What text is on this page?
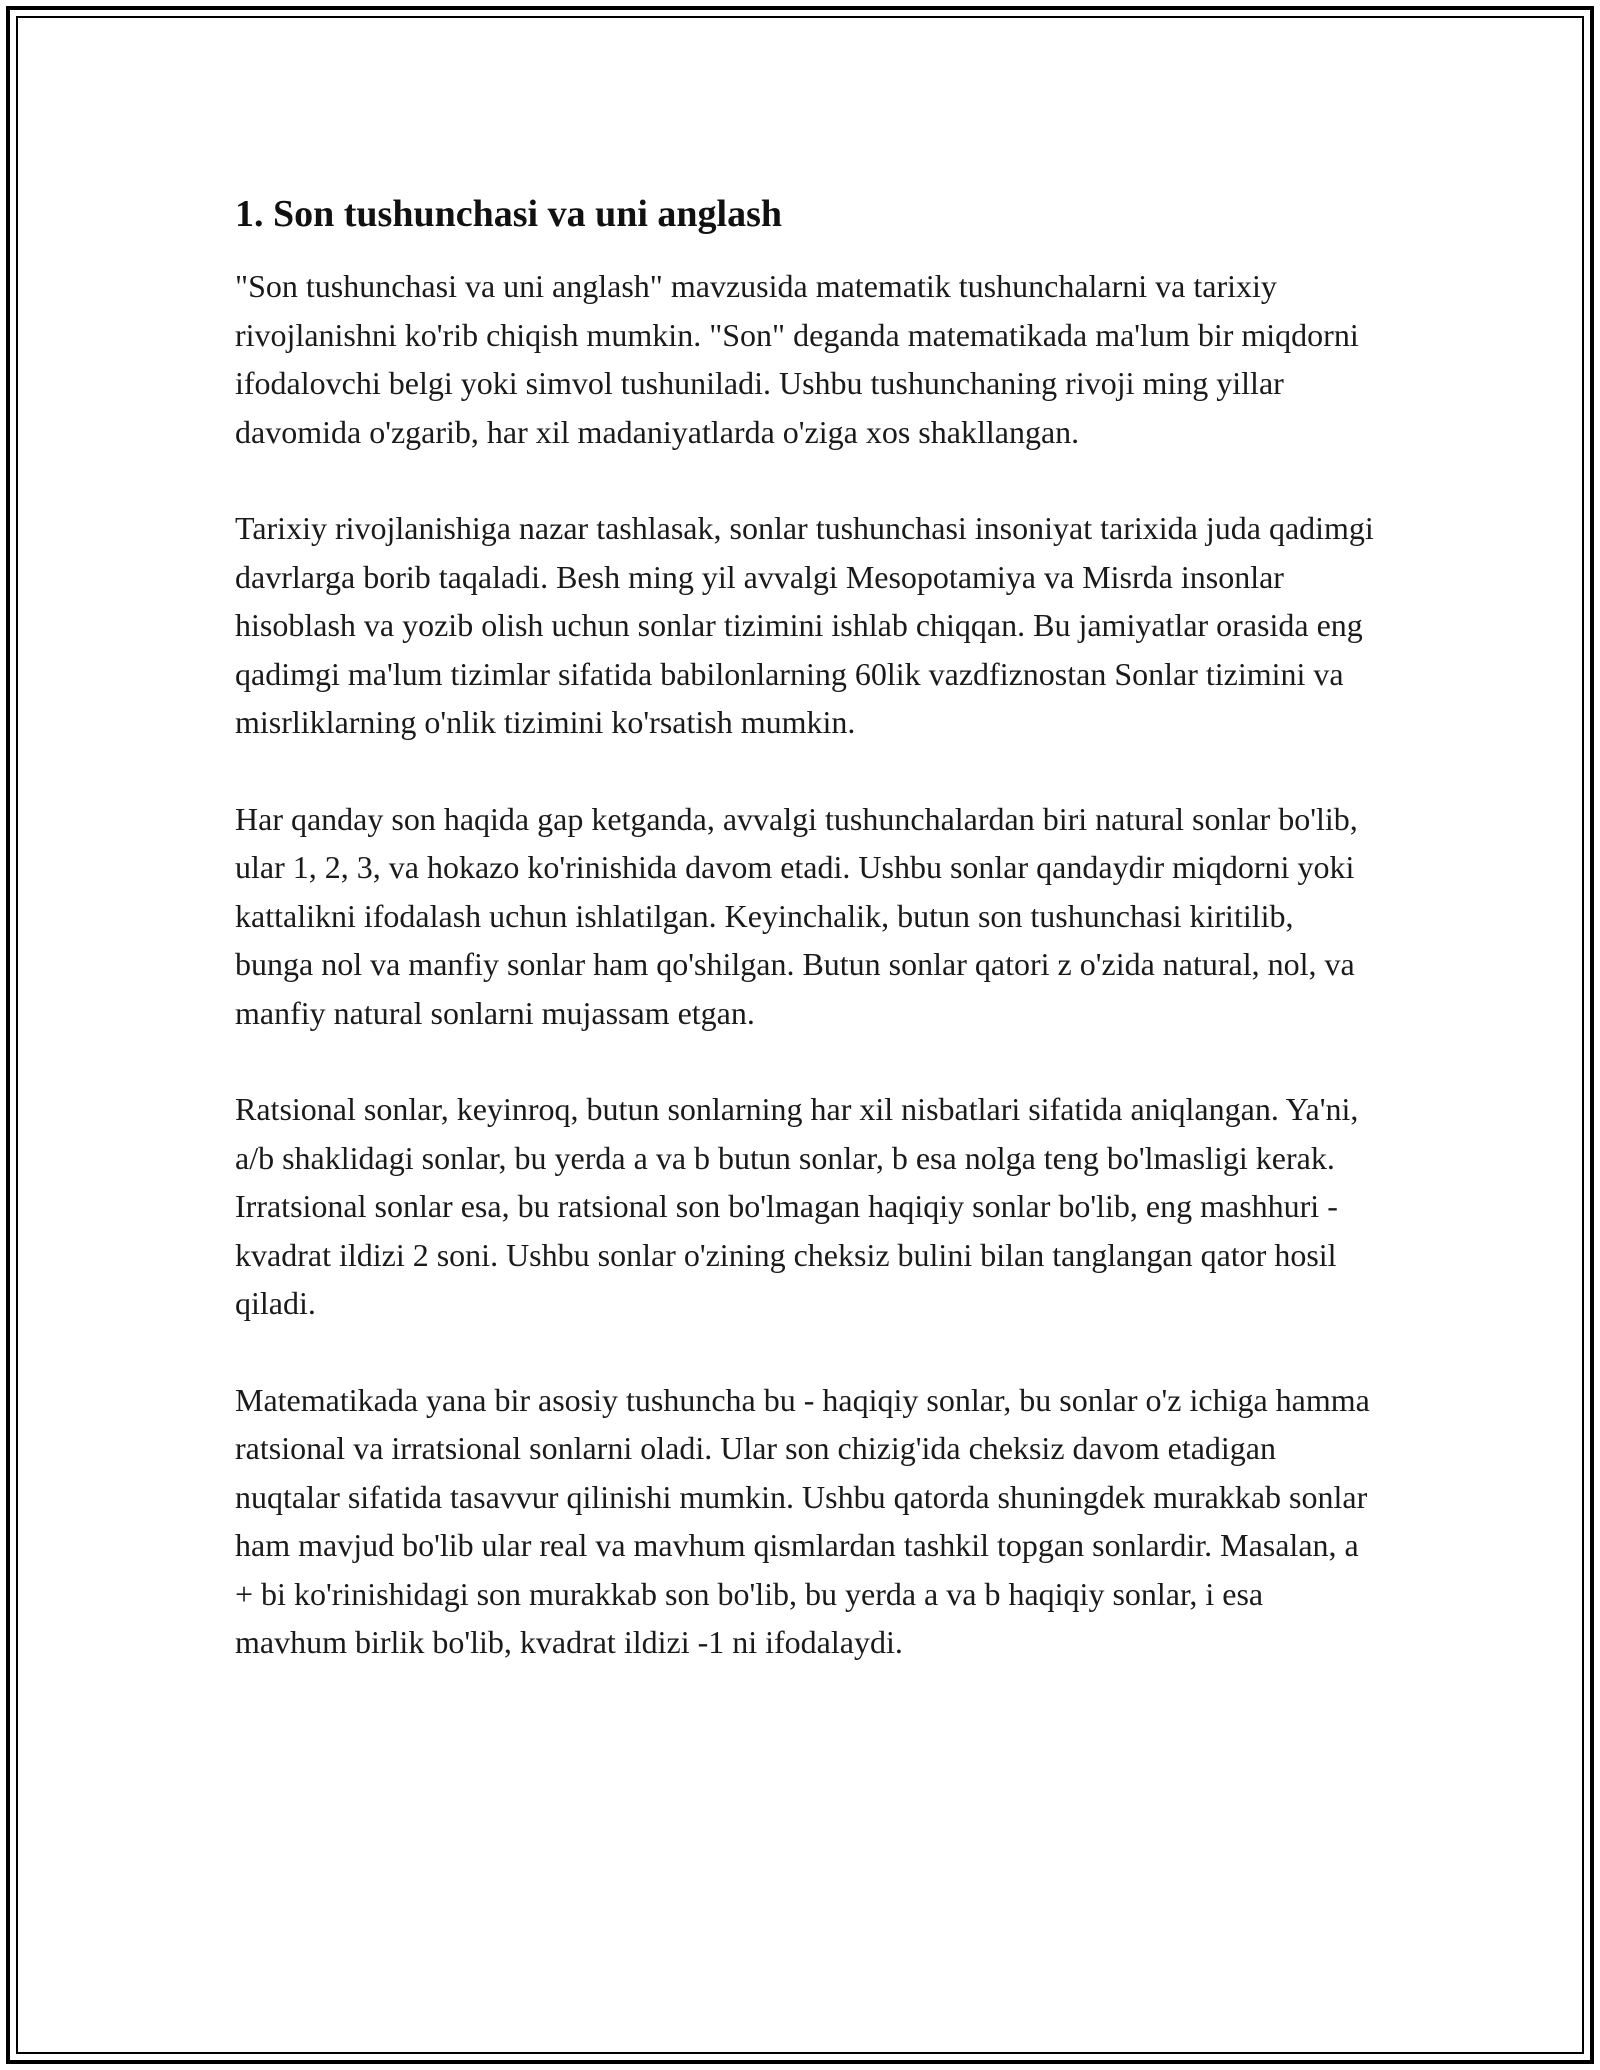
1. Son tushunchasi va uni anglash

"Son tushunchasi va uni anglash" mavzusida matematik tushunchalarni va tarixiy rivojlanishni ko'rib chiqish mumkin. "Son" deganda matematikada ma'lum bir miqdorni ifodalovchi belgi yoki simvol tushuniladi. Ushbu tushunchaning rivoji ming yillar davomida o'zgarib, har xil madaniyatlarda o'ziga xos shakllangan.

Tarixiy rivojlanishiga nazar tashlasak, sonlar tushunchasi insoniyat tarixida juda qadimgi davrlarga borib taqaladi. Besh ming yil avvalgi Mesopotamiya va Misrda insonlar hisoblash va yozib olish uchun sonlar tizimini ishlab chiqqan. Bu jamiyatlar orasida eng qadimgi ma'lum tizimlar sifatida babilonlarning 60lik vazdfiznostan Sonlar tizimini va misrliklarning o'nlik tizimini ko'rsatish mumkin.

Har qanday son haqida gap ketganda, avvalgi tushunchalardan biri natural sonlar bo'lib, ular 1, 2, 3, va hokazo ko'rinishida davom etadi. Ushbu sonlar qandaydir miqdorni yoki kattalikni ifodalash uchun ishlatilgan. Keyinchalik, butun son tushunchasi kiritilib, bunga nol va manfiy sonlar ham qo'shilgan. Butun sonlar qatori z o'zida natural, nol, va manfiy natural sonlarni mujassam etgan.

Ratsional sonlar, keyinroq, butun sonlarning har xil nisbatlari sifatida aniqlangan. Ya'ni, a/b shaklidagi sonlar, bu yerda a va b butun sonlar, b esa nolga teng bo'lmasligi kerak. Irratsional sonlar esa, bu ratsional son bo'lmagan haqiqiy sonlar bo'lib, eng mashhuri - kvadrat ildizi 2 soni. Ushbu sonlar o'zining cheksiz bulini bilan tanglangan qator hosil qiladi.

Matematikada yana bir asosiy tushuncha bu - haqiqiy sonlar, bu sonlar o'z ichiga hamma ratsional va irratsional sonlarni oladi. Ular son chizig'ida cheksiz davom etadigan nuqtalar sifatida tasavvur qilinishi mumkin. Ushbu qatorda shuningdek murakkab sonlar ham mavjud bo'lib ular real va mavhum qismlardan tashkil topgan sonlardir. Masalan, a + bi ko'rinishidagi son murakkab son bo'lib, bu yerda a va b haqiqiy sonlar, i esa mavhum birlik bo'lib, kvadrat ildizi -1 ni ifodalaydi.
